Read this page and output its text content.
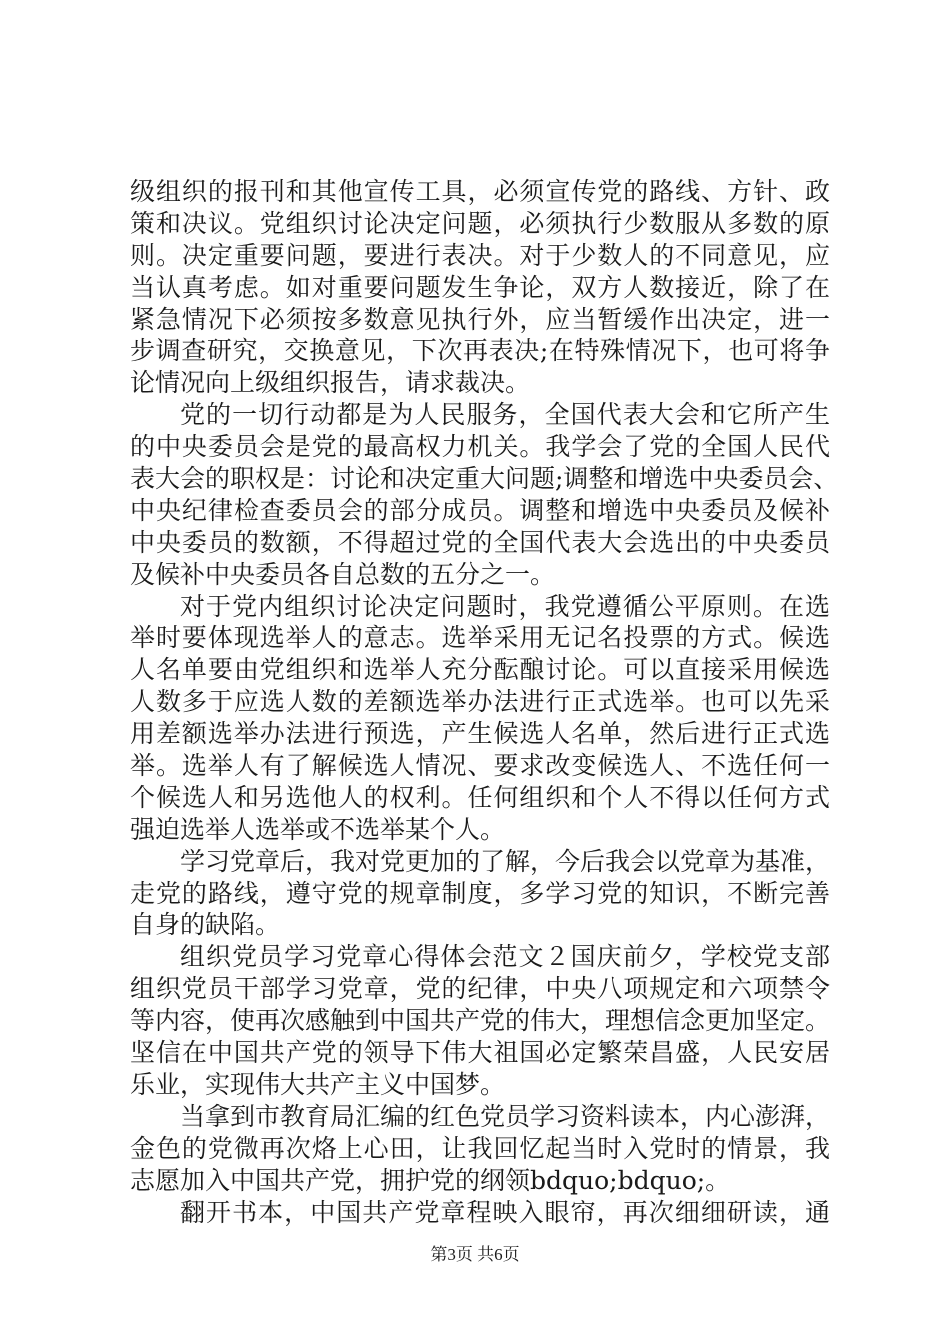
级组织的报刊和其他宣传工具，必须宣传党的路线、方针、政
策和决议。党组织讨论决定问题，必须执行少数服从多数的原
则。决定重要问题，要进行表决。对于少数人的不同意见，应
当认真考虑。如对重要问题发生争论，双方人数接近，除了在
紧急情况下必须按多数意见执行外，应当暂缓作出决定，进一
步调查研究，交换意见，下次再表决;在特殊情况下，也可将争
论情况向上级组织报告，请求裁决。
党的一切行动都是为人民服务，全国代表大会和它所产生
的中央委员会是党的最高权力机关。我学会了党的全国人民代
表大会的职权是：讨论和决定重大问题;调整和增选中央委员会、
中央纪律检查委员会的部分成员。调整和增选中央委员及候补
中央委员的数额，不得超过党的全国代表大会选出的中央委员
及候补中央委员各自总数的五分之一。
对于党内组织讨论决定问题时，我党遵循公平原则。在选
举时要体现选举人的意志。选举采用无记名投票的方式。候选
人名单要由党组织和选举人充分酝酿讨论。可以直接采用候选
人数多于应选人数的差额选举办法进行正式选举。也可以先采
用差额选举办法进行预选，产生候选人名单，然后进行正式选
举。选举人有了解候选人情况、要求改变候选人、不选任何一
个候选人和另选他人的权利。任何组织和个人不得以任何方式
强迫选举人选举或不选举某个人。
学习党章后，我对党更加的了解，今后我会以党章为基准，
走党的路线，遵守党的规章制度，多学习党的知识，不断完善
自身的缺陷。
组织党员学习党章心得体会范文２国庆前夕，学校党支部
组织党员干部学习党章，党的纪律，中央八项规定和六项禁令
等内容，使再次感触到中国共产党的伟大，理想信念更加坚定。
坚信在中国共产党的领导下伟大祖国必定繁荣昌盛，人民安居
乐业，实现伟大共产主义中国梦。
当拿到市教育局汇编的红色党员学习资料读本，内心澎湃，
金色的党微再次烙上心田，让我回忆起当时入党时的情景，我
志愿加入中国共产党，拥护党的纲领bdquo;bdquo;。
翻开书本，中国共产党章程映入眼帘，再次细细研读，通
第3页 共6页
